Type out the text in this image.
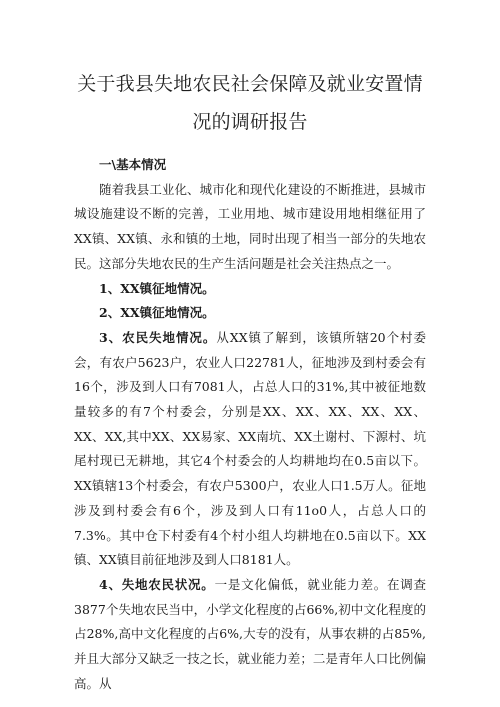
关于我县失地农民社会保障及就业安置情
况的调研报告

一\基本情况

随着我县工业化、城市化和现代化建设的不断推进，县城市城设施建设不断的完善，工业用地、城市建设用地相继征用了XX镇、XX镇、永和镇的土地，同时出现了相当一部分的失地农民。这部分失地农民的生产生活问题是社会关注热点之一。

1、XX镇征地情况。

2、XX镇征地情况。

3、农民失地情况。从XX镇了解到，该镇所辖20个村委会，有农户5623户，农业人口22781人，征地涉及到村委会有16个，涉及到人口有7081人，占总人口的31%,其中被征地数量较多的有7个村委会，分别是XX、XX、XX、XX、XX、XX、XX,其中XX、XX易家、XX南坑、XX土谢村、下源村、坑尾村现已无耕地，其它4个村委会的人均耕地均在0.5亩以下。XX镇辖13个村委会，有农户5300户，农业人口1.5万人。征地涉及到村委会有6个，涉及到人口有11o0人，占总人口的7.3%。其中仓下村委有4个村小组人均耕地在0.5亩以下。XX镇、XX镇目前征地涉及到人口8181人。

4、失地农民状况。一是文化偏低，就业能力差。在调查3877个失地农民当中，小学文化程度的占66%,初中文化程度的占28%,高中文化程度的占6%,大专的没有，从事农耕的占85%,并且大部分又缺乏一技之长，就业能力差；二是青年人口比例偏高。从
